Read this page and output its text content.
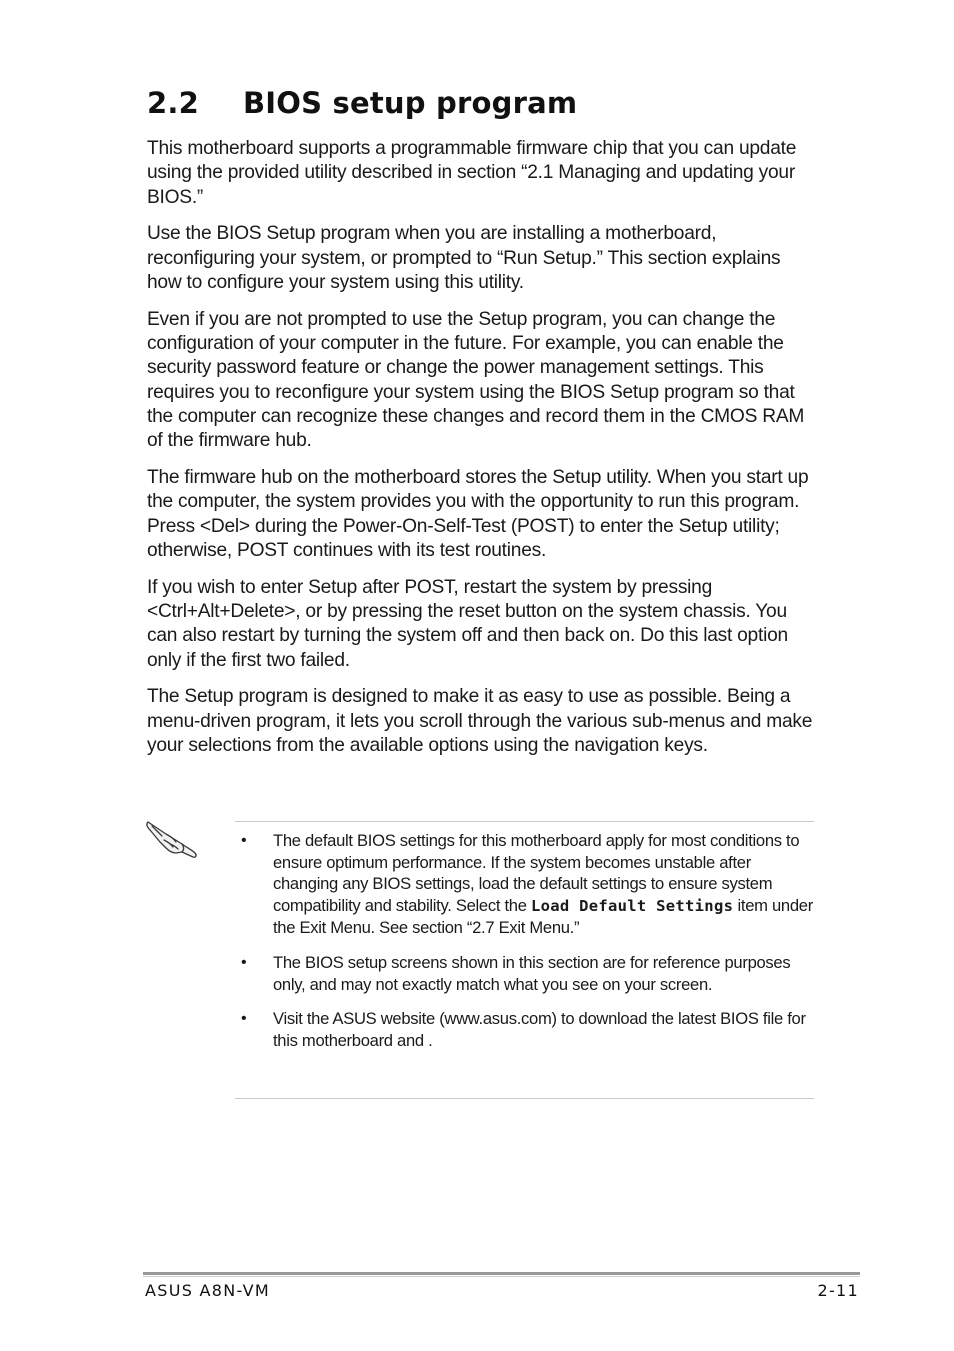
2.2 BIOS setup program

This motherboard supports a programmable firmware chip that you can update using the provided utility described in section “2.1 Managing and updating your BIOS.”

Use the BIOS Setup program when you are installing a motherboard, reconfiguring your system, or prompted to “Run Setup.” This section explains how to configure your system using this utility.

Even if you are not prompted to use the Setup program, you can change the configuration of your computer in the future. For example, you can enable the security password feature or change the power management settings. This requires you to reconfigure your system using the BIOS Setup program so that the computer can recognize these changes and record them in the CMOS RAM of the firmware hub.

The firmware hub on the motherboard stores the Setup utility. When you start up the computer, the system provides you with the opportunity to run this program. Press <Del> during the Power-On-Self-Test (POST) to enter the Setup utility; otherwise, POST continues with its test routines.

If you wish to enter Setup after POST, restart the system by pressing <Ctrl+Alt+Delete>, or by pressing the reset button on the system chassis. You can also restart by turning the system off and then back on. Do this last option only if the first two failed.

The Setup program is designed to make it as easy to use as possible. Being a menu-driven program, it lets you scroll through the various sub-menus and make your selections from the available options using the navigation keys.

• The default BIOS settings for this motherboard apply for most conditions to ensure optimum performance. If the system becomes unstable after changing any BIOS settings, load the default settings to ensure system compatibility and stability. Select the Load Default Settings item under the Exit Menu. See section “2.7 Exit Menu.”
• The BIOS setup screens shown in this section are for reference purposes only, and may not exactly match what you see on your screen.
• Visit the ASUS website (www.asus.com) to download the latest BIOS file for this motherboard and .
ASUS A8N-VM	2-11
